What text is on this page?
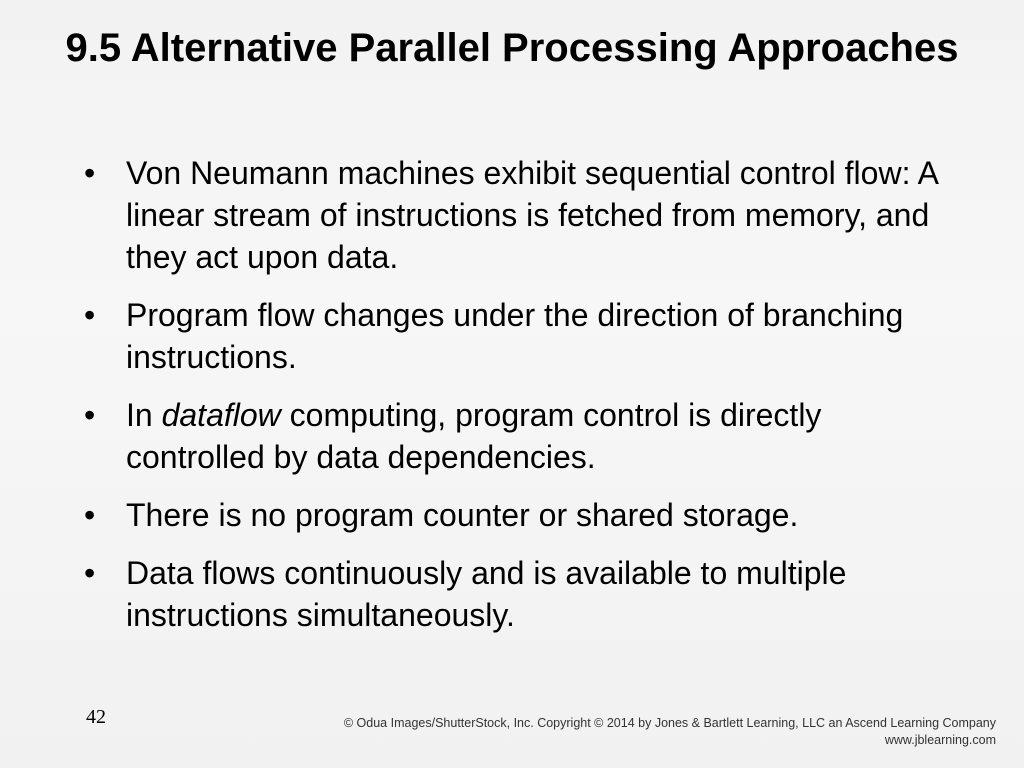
9.5 Alternative Parallel Processing Approaches
• Von Neumann machines exhibit sequential control flow: A linear stream of instructions is fetched from memory, and they act upon data.
• Program flow changes under the direction of branching instructions.
• In dataflow computing, program control is directly controlled by data dependencies.
• There is no program counter or shared storage.
• Data flows continuously and is available to multiple instructions simultaneously.
42	© Odua Images/ShutterStock, Inc. Copyright © 2014 by Jones & Bartlett Learning, LLC an Ascend Learning Company
www.jblearning.com
